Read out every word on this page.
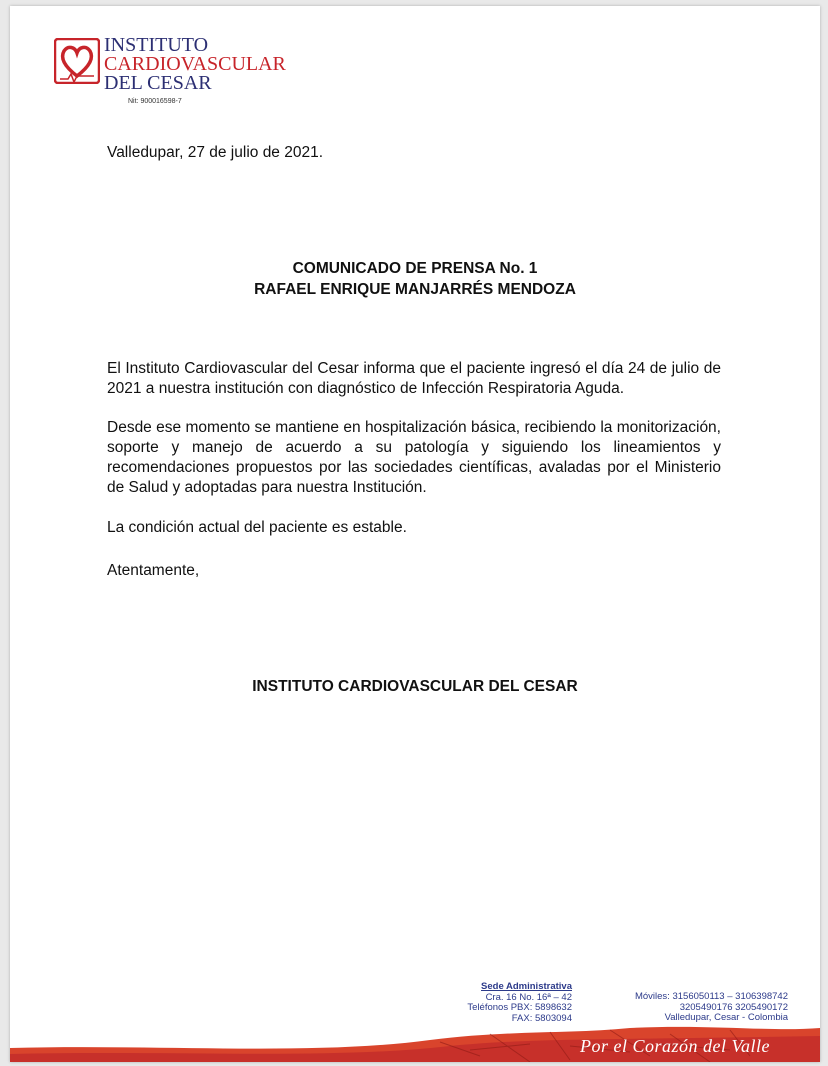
INSTITUTO
CARDIOVASCULAR
DEL CESAR
Nit: 900016598-7
Valledupar, 27 de julio de 2021.
COMUNICADO DE PRENSA No. 1
RAFAEL ENRIQUE MANJARRÉS MENDOZA
El Instituto Cardiovascular del Cesar informa que el paciente ingresó el día 24 de julio de 2021 a nuestra institución con diagnóstico de Infección Respiratoria Aguda.
Desde ese momento se mantiene en hospitalización básica, recibiendo la monitorización, soporte y manejo de acuerdo a su patología y siguiendo los lineamientos y recomendaciones propuestos por las sociedades científicas, avaladas por el Ministerio de Salud y adoptadas para nuestra Institución.
La condición actual del paciente es estable.
Atentamente,
INSTITUTO CARDIOVASCULAR DEL CESAR
Sede Administrativa
Cra. 16 No. 16ª – 42
Teléfonos PBX: 5898632
FAX: 5803094
Móviles: 3156050113 – 3106398742
3205490176 3205490172
Valledupar, Cesar - Colombia
Por el Corazón del Valle
